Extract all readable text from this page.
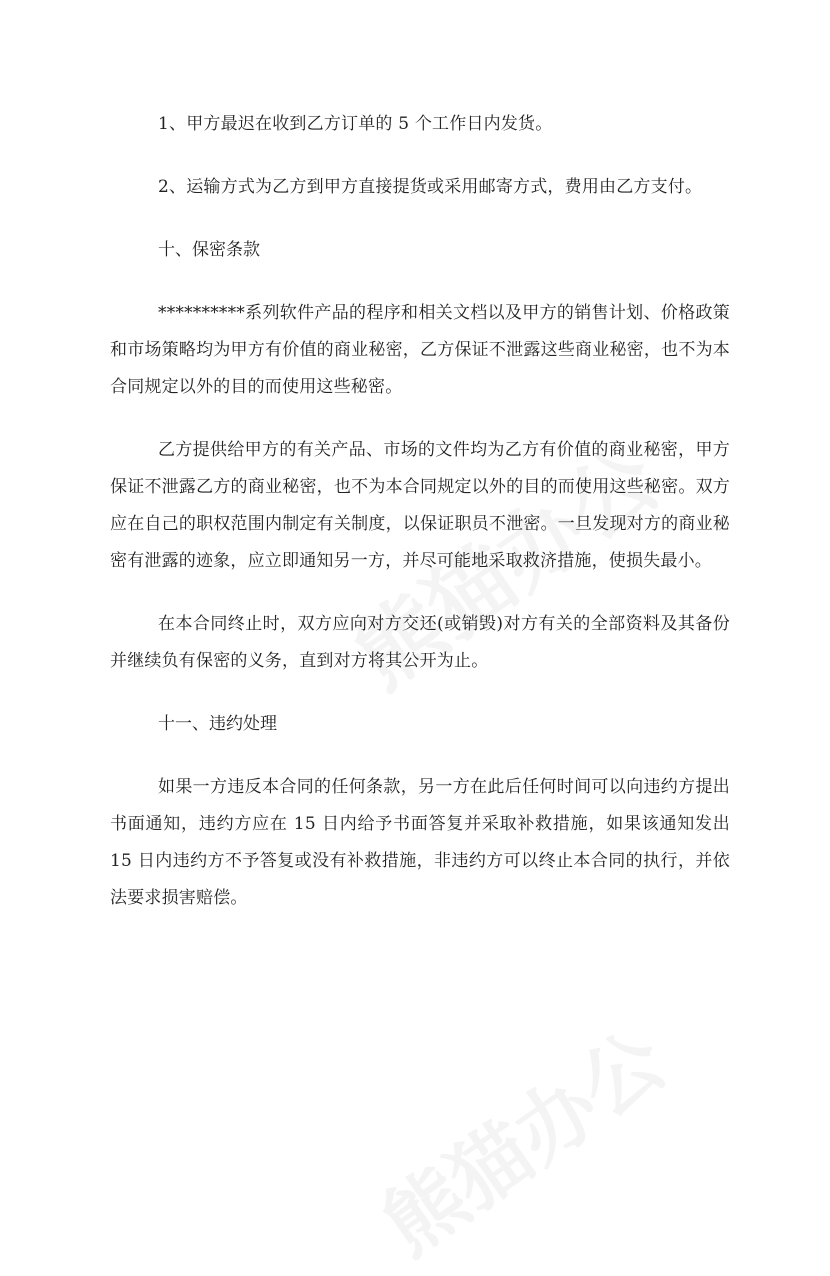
1、甲方最迟在收到乙方订单的 5 个工作日内发货。

2、运输方式为乙方到甲方直接提货或采用邮寄方式，费用由乙方支付。

十、保密条款

**********系列软件产品的程序和相关文档以及甲方的销售计划、价格政策和市场策略均为甲方有价值的商业秘密，乙方保证不泄露这些商业秘密，也不为本合同规定以外的目的而使用这些秘密。

乙方提供给甲方的有关产品、市场的文件均为乙方有价值的商业秘密，甲方保证不泄露乙方的商业秘密，也不为本合同规定以外的目的而使用这些秘密。双方应在自己的职权范围内制定有关制度，以保证职员不泄密。一旦发现对方的商业秘密有泄露的迹象，应立即通知另一方，并尽可能地采取救济措施，使损失最小。

在本合同终止时，双方应向对方交还(或销毁)对方有关的全部资料及其备份并继续负有保密的义务，直到对方将其公开为止。

十一、违约处理

如果一方违反本合同的任何条款，另一方在此后任何时间可以向违约方提出书面通知，违约方应在 15 日内给予书面答复并采取补救措施，如果该通知发出 15 日内违约方不予答复或没有补救措施，非违约方可以终止本合同的执行，并依法要求损害赔偿。
